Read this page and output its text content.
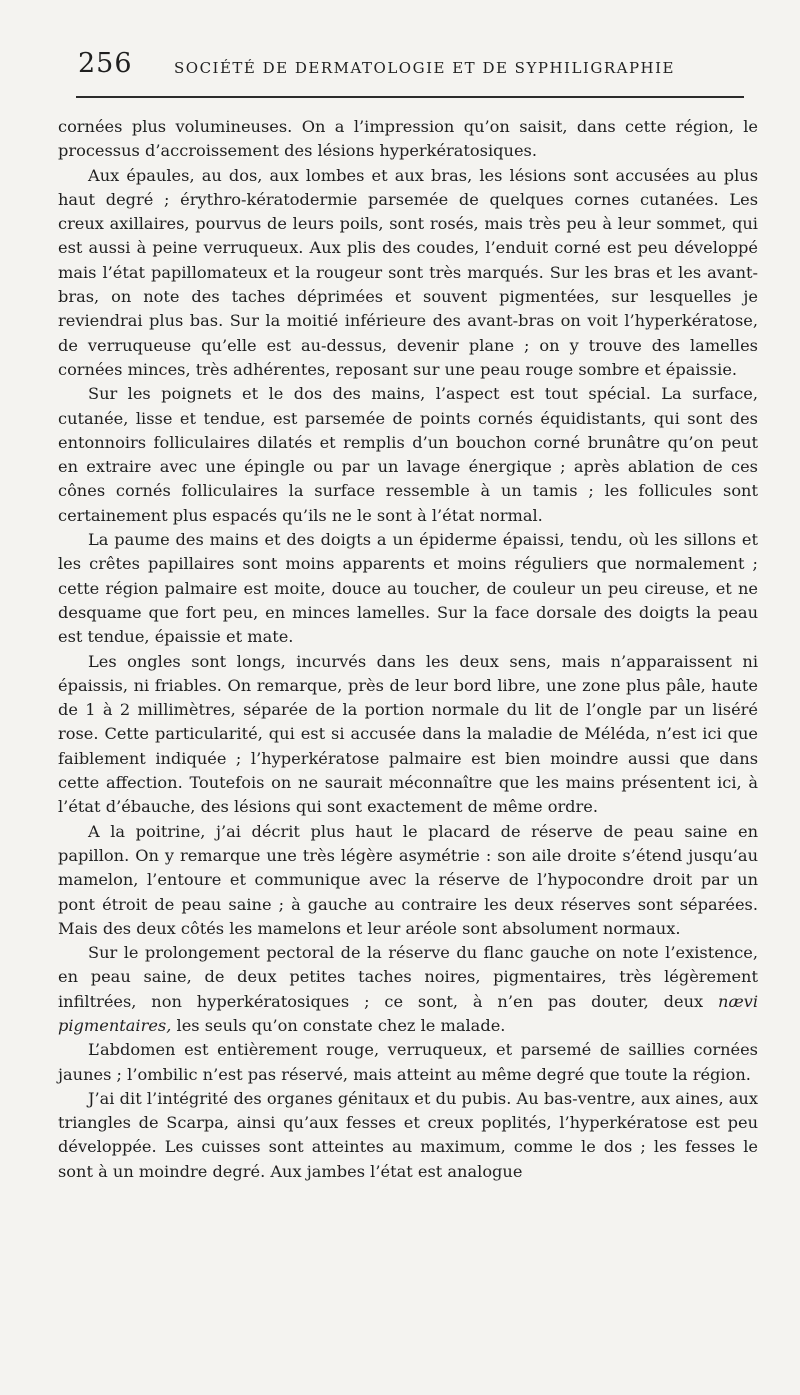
256	SOCIÉTÉ DE DERMATOLOGIE ET DE SYPHILIGRAPHIE

cornées plus volumineuses. On a l’impression qu’on saisit, dans cette région, le processus d’accroissement des lésions hyperkératosiques.

Aux épaules, au dos, aux lombes et aux bras, les lésions sont accusées au plus haut degré ; érythro-kératodermie parsemée de quelques cornes cutanées. Les creux axillaires, pourvus de leurs poils, sont rosés, mais très peu à leur sommet, qui est aussi à peine verruqueux. Aux plis des coudes, l’enduit corné est peu développé mais l’état papillomateux et la rougeur sont très marqués. Sur les bras et les avant-bras, on note des taches déprimées et souvent pigmentées, sur lesquelles je reviendrai plus bas. Sur la moitié inférieure des avant-bras on voit l’hyperkératose, de verruqueuse qu’elle est au-dessus, devenir plane ; on y trouve des lamelles cornées minces, très adhérentes, reposant sur une peau rouge sombre et épaissie.

Sur les poignets et le dos des mains, l’aspect est tout spécial. La surface, cutanée, lisse et tendue, est parsemée de points cornés équidistants, qui sont des entonnoirs folliculaires dilatés et remplis d’un bouchon corné brunâtre qu’on peut en extraire avec une épingle ou par un lavage énergique ; après ablation de ces cônes cornés folliculaires la surface ressemble à un tamis ; les follicules sont certainement plus espacés qu’ils ne le sont à l’état normal.

La paume des mains et des doigts a un épiderme épaissi, tendu, où les sillons et les crêtes papillaires sont moins apparents et moins réguliers que normalement ; cette région palmaire est moite, douce au toucher, de couleur un peu cireuse, et ne desquame que fort peu, en minces lamelles. Sur la face dorsale des doigts la peau est tendue, épaissie et mate.

Les ongles sont longs, incurvés dans les deux sens, mais n’apparaissent ni épaissis, ni friables. On remarque, près de leur bord libre, une zone plus pâle, haute de 1 à 2 millimètres, séparée de la portion normale du lit de l’ongle par un liséré rose. Cette particularité, qui est si accusée dans la maladie de Méléda, n’est ici que faiblement indiquée ; l’hyperkératose palmaire est bien moindre aussi que dans cette affection. Toutefois on ne saurait méconnaître que les mains présentent ici, à l’état d’ébauche, des lésions qui sont exactement de même ordre.

A la poitrine, j’ai décrit plus haut le placard de réserve de peau saine en papillon. On y remarque une très légère asymétrie : son aile droite s’étend jusqu’au mamelon, l’entoure et communique avec la réserve de l’hypocondre droit par un pont étroit de peau saine ; à gauche au contraire les deux réserves sont séparées. Mais des deux côtés les mamelons et leur aréole sont absolument normaux.

Sur le prolongement pectoral de la réserve du flanc gauche on note l’existence, en peau saine, de deux petites taches noires, pigmentaires, très légèrement infiltrées, non hyperkératosiques ; ce sont, à n’en pas douter, deux nævi pigmentaires, les seuls qu’on constate chez le malade.

L’abdomen est entièrement rouge, verruqueux, et parsemé de saillies cornées jaunes ; l’ombilic n’est pas réservé, mais atteint au même degré que toute la région.

J’ai dit l’intégrité des organes génitaux et du pubis. Au bas-ventre, aux aines, aux triangles de Scarpa, ainsi qu’aux fesses et creux poplités, l’hyperkératose est peu développée. Les cuisses sont atteintes au maximum, comme le dos ; les fesses le sont à un moindre degré. Aux jambes l’état est analogue
